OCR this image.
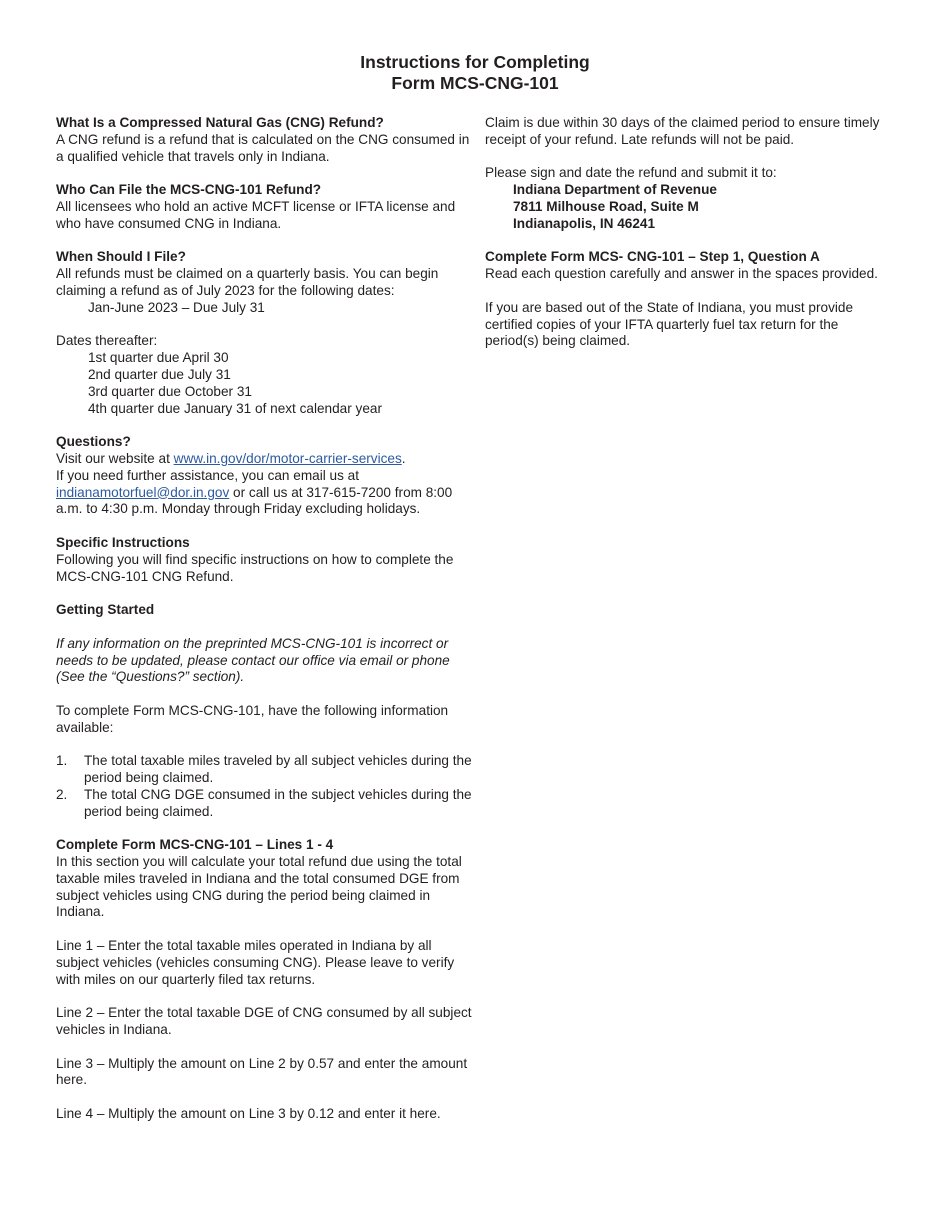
Instructions for Completing
Form MCS-CNG-101
What Is a Compressed Natural Gas (CNG) Refund?

A CNG refund is a refund that is calculated on the CNG consumed in a qualified vehicle that travels only in Indiana.

Who Can File the MCS-CNG-101 Refund?

All licensees who hold an active MCFT license or IFTA license and who have consumed CNG in Indiana.

When Should I File?

All refunds must be claimed on a quarterly basis. You can begin claiming a refund as of July 2023 for the following dates:

Jan-June 2023 – Due July 31

Dates thereafter:

1st quarter due April 30

2nd quarter due July 31

3rd quarter due October 31

4th quarter due January 31 of next calendar year

Questions?

Visit our website at www.in.gov/dor/motor-carrier-services.

If you need further assistance, you can email us at

indianamotorfuel@dor.in.gov or call us at 317-615-7200 from 8:00 a.m. to 4:30 p.m. Monday through Friday excluding holidays.

Specific Instructions

Following you will find specific instructions on how to complete the MCS-CNG-101 CNG Refund.

Getting Started

If any information on the preprinted MCS-CNG-101 is incorrect or needs to be updated, please contact our office via email or phone (See the “Questions?” section).

To complete Form MCS-CNG-101, have the following information available:

1. The total taxable miles traveled by all subject vehicles during the period being claimed.
2. The total CNG DGE consumed in the subject vehicles during the period being claimed.
Complete Form MCS-CNG-101 – Lines 1 - 4

In this section you will calculate your total refund due using the total taxable miles traveled in Indiana and the total consumed DGE from subject vehicles using CNG during the period being claimed in Indiana.

Line 1 – Enter the total taxable miles operated in Indiana by all subject vehicles (vehicles consuming CNG). Please leave to verify with miles on our quarterly filed tax returns.

Line 2 – Enter the total taxable DGE of CNG consumed by all subject vehicles in Indiana.

Line 3 – Multiply the amount on Line 2 by 0.57 and enter the amount here.

Line 4 – Multiply the amount on Line 3 by 0.12 and enter it here.

Claim is due within 30 days of the claimed period to ensure timely receipt of your refund. Late refunds will not be paid.

Please sign and date the refund and submit it to:

Indiana Department of Revenue

7811 Milhouse Road, Suite M

Indianapolis, IN 46241

Complete Form MCS- CNG-101 – Step 1, Question A

Read each question carefully and answer in the spaces provided.

If you are based out of the State of Indiana, you must provide certified copies of your IFTA quarterly fuel tax return for the period(s) being claimed.
